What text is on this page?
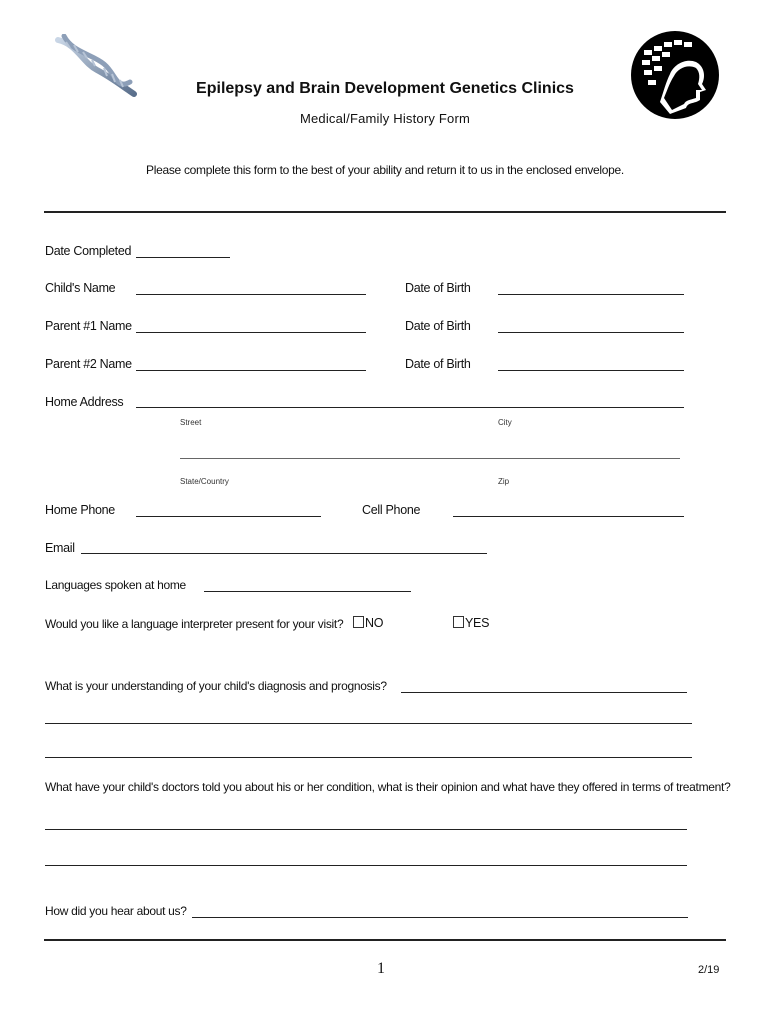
Epilepsy and Brain Development Genetics Clinics
Medical/Family History Form
Please complete this form to the best of your ability and return it to us in the enclosed envelope.
Date Completed
Child's Name	Date of Birth
Parent #1 Name	Date of Birth
Parent #2 Name	Date of Birth
Home Address
Street	City
State/Country	Zip
Home Phone	Cell Phone
Email
Languages spoken at home
Would you like a language interpreter present for your visit?	NO	YES
What is your understanding of your child's diagnosis and prognosis?
What have your child's doctors told you about his or her condition, what is their opinion and what have they offered in terms of treatment?
How did you hear about us?
1	2/19
